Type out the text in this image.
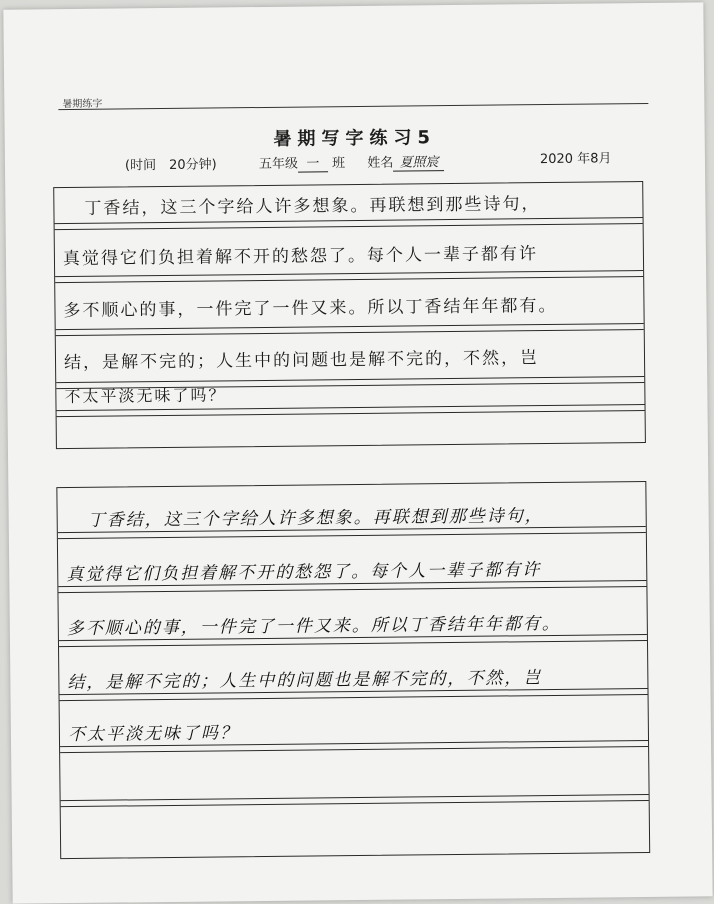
暑期练字
暑期写字练习5
(时间　20分钟)	五年级 一 班 姓名 夏照宸	2020 年8月
丁香结，这三个字给人许多想象。再联想到那些诗句，
真觉得它们负担着解不开的愁怨了。每个人一辈子都有许
多不顺心的事，一件完了一件又来。所以丁香结年年都有。
结，是解不完的；人生中的问题也是解不完的，不然，岂
不太平淡无味了吗？
丁香结，这三个字给人许多想象。再联想到那些诗句，
真觉得它们负担着解不开的愁怨了。每个人一辈子都有许
多不顺心的事，一件完了一件又来。所以丁香结年年都有。
结，是解不完的；人生中的问题也是解不完的，不然，岂
不太平淡无味了吗？
